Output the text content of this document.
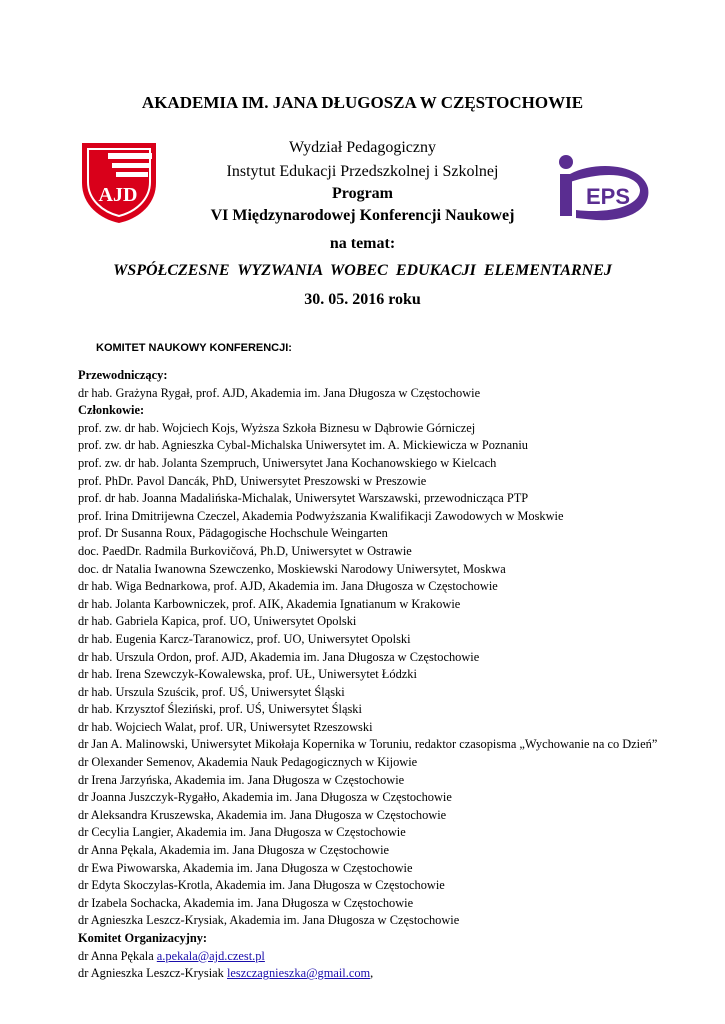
AKADEMIA IM. JANA DŁUGOSZA W CZĘSTOCHOWIE
AJD	EPS
Wydział Pedagogiczny
Instytut Edukacji Przedszkolnej i Szkolnej
Program
VI Międzynarodowej Konferencji Naukowej
na temat:
WSPÓŁCZESNE WYZWANIA WOBEC EDUKACJI ELEMENTARNEJ
30. 05. 2016 roku
KOMITET NAUKOWY KONFERENCJI:
Przewodniczący:
dr hab. Grażyna Rygał, prof. AJD, Akademia im. Jana Długosza w Częstochowie
Członkowie:
prof. zw. dr hab. Wojciech Kojs, Wyższa Szkoła Biznesu w Dąbrowie Górniczej
prof. zw. dr hab. Agnieszka Cybal-Michalska Uniwersytet im. A. Mickiewicza w Poznaniu
prof. zw. dr hab. Jolanta Szempruch, Uniwersytet Jana Kochanowskiego w Kielcach
prof. PhDr. Pavol Dancák, PhD, Uniwersytet Preszowski w Preszowie
prof. dr hab. Joanna Madalińska-Michalak, Uniwersytet Warszawski, przewodnicząca PTP
prof. Irina Dmitrijewna Czeczel, Akademia Podwyższania Kwalifikacji Zawodowych w Moskwie
prof. Dr Susanna Roux, Pädagogische Hochschule Weingarten
doc. PaedDr. Radmila Burkovičová, Ph.D, Uniwersytet w Ostrawie
doc. dr Natalia Iwanowna Szewczenko, Moskiewski Narodowy Uniwersytet, Moskwa
dr hab. Wiga Bednarkowa, prof. AJD, Akademia im. Jana Długosza w Częstochowie
dr hab. Jolanta Karbowniczek, prof. AIK, Akademia Ignatianum w Krakowie
dr hab. Gabriela Kapica, prof. UO, Uniwersytet Opolski
dr hab. Eugenia Karcz-Taranowicz, prof. UO, Uniwersytet Opolski
dr hab. Urszula Ordon, prof. AJD, Akademia im. Jana Długosza w Częstochowie
dr hab. Irena Szewczyk-Kowalewska, prof. UŁ, Uniwersytet Łódzki
dr hab. Urszula Szuścik, prof. UŚ, Uniwersytet Śląski
dr hab. Krzysztof Śleziński, prof. UŚ, Uniwersytet Śląski
dr hab. Wojciech Walat, prof. UR, Uniwersytet Rzeszowski
dr Jan A. Malinowski, Uniwersytet Mikołaja Kopernika w Toruniu, redaktor czasopisma „Wychowanie na co Dzień”
dr Olexander Semenov, Akademia Nauk Pedagogicznych w Kijowie
dr Irena Jarzyńska, Akademia im. Jana Długosza w Częstochowie
dr Joanna Juszczyk-Rygałło, Akademia im. Jana Długosza w Częstochowie
dr Aleksandra Kruszewska, Akademia im. Jana Długosza w Częstochowie
dr Cecylia Langier, Akademia im. Jana Długosza w Częstochowie
dr Anna Pękala, Akademia im. Jana Długosza w Częstochowie
dr Ewa Piwowarska, Akademia im. Jana Długosza w Częstochowie
dr Edyta Skoczylas-Krotla, Akademia im. Jana Długosza w Częstochowie
dr Izabela Sochacka, Akademia im. Jana Długosza w Częstochowie
dr Agnieszka Leszcz-Krysiak, Akademia im. Jana Długosza w Częstochowie
Komitet Organizacyjny:
dr Anna Pękala a.pekala@ajd.czest.pl
dr Agnieszka Leszcz-Krysiak leszczagnieszka@gmail.com,
